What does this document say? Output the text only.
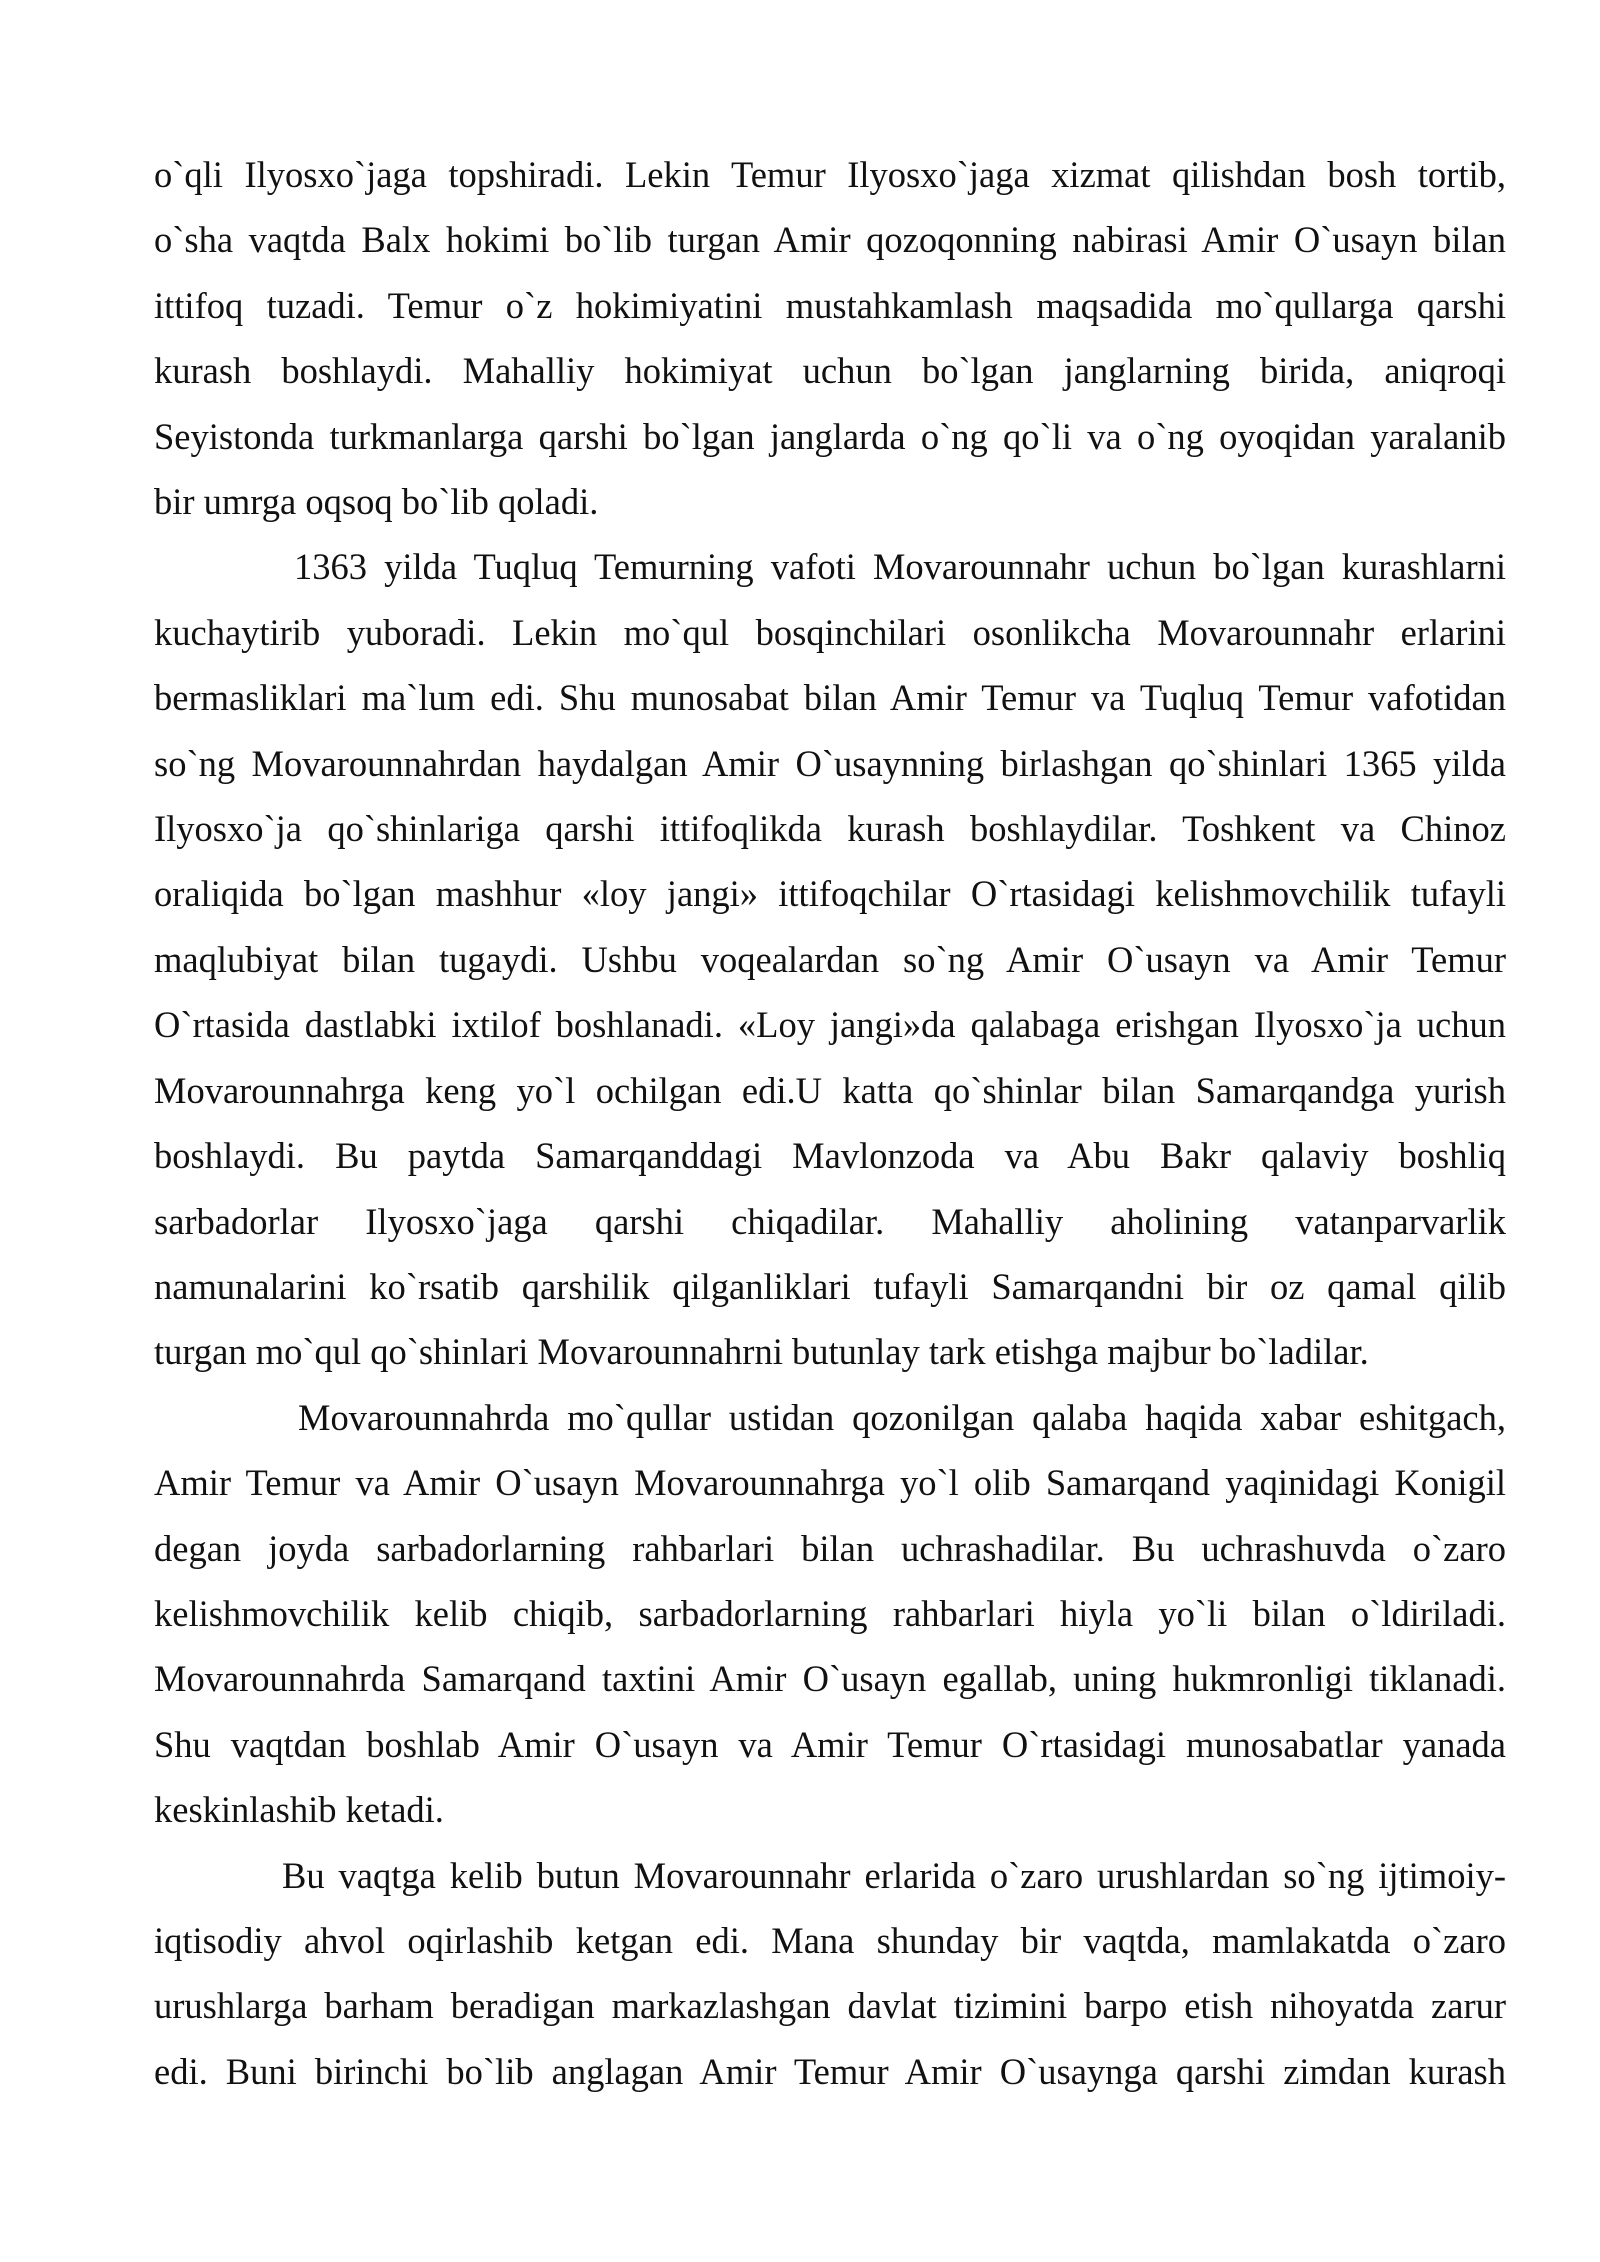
o`qli Ilyosxo`jaga topshiradi. Lekin Temur Ilyosxo`jaga xizmat qilishdan bosh tortib,
o`sha vaqtda Balx hokimi bo`lib turgan Amir qozoqonning nabirasi Amir O`usayn bilan
ittifoq tuzadi. Temur o`z hokimiyatini mustahkamlash maqsadida mo`qullarga qarshi
kurash boshlaydi. Mahalliy hokimiyat uchun bo`lgan janglarning birida, aniqroqi
Seyistonda turkmanlarga qarshi bo`lgan janglarda o`ng qo`li va o`ng oyoqidan yaralanib
bir umrga oqsoq bo`lib qoladi.
1363 yilda Tuqluq Temurning vafoti Movarounnahr uchun bo`lgan kurashlarni
kuchaytirib yuboradi. Lekin mo`qul bosqinchilari osonlikcha Movarounnahr erlarini
bermasliklari ma`lum edi. Shu munosabat bilan Amir Temur va Tuqluq Temur vafotidan
so`ng Movarounnahrdan haydalgan Amir O`usaynning birlashgan qo`shinlari 1365 yilda
Ilyosxo`ja qo`shinlariga qarshi ittifoqlikda kurash boshlaydilar. Toshkent va Chinoz
oraliqida bo`lgan mashhur «loy jangi» ittifoqchilar O`rtasidagi kelishmovchilik tufayli
maqlubiyat bilan tugaydi. Ushbu voqealardan so`ng Amir O`usayn va Amir Temur
O`rtasida dastlabki ixtilof boshlanadi. «Loy jangi»da qalabaga erishgan Ilyosxo`ja uchun
Movarounnahrga keng yo`l ochilgan edi.U katta qo`shinlar bilan Samarqandga yurish
boshlaydi. Bu paytda Samarqanddagi Mavlonzoda va Abu Bakr qalaviy boshliq
sarbadorlar Ilyosxo`jaga qarshi chiqadilar. Mahalliy aholining vatanparvarlik
namunalarini ko`rsatib qarshilik qilganliklari tufayli Samarqandni bir oz qamal qilib
turgan mo`qul qo`shinlari Movarounnahrni butunlay tark etishga majbur bo`ladilar.
Movarounnahrda mo`qullar ustidan qozonilgan qalaba haqida xabar eshitgach,
Amir Temur va Amir O`usayn Movarounnahrga yo`l olib Samarqand yaqinidagi Konigil
degan joyda sarbadorlarning rahbarlari bilan uchrashadilar. Bu uchrashuvda o`zaro
kelishmovchilik kelib chiqib, sarbadorlarning rahbarlari hiyla yo`li bilan o`ldiriladi.
Movarounnahrda Samarqand taxtini Amir O`usayn egallab, uning hukmronligi tiklanadi.
Shu vaqtdan boshlab Amir O`usayn va Amir Temur O`rtasidagi munosabatlar yanada
keskinlashib ketadi.
Bu vaqtga kelib butun Movarounnahr erlarida o`zaro urushlardan so`ng ijtimoiy-
iqtisodiy ahvol oqirlashib ketgan edi. Mana shunday bir vaqtda, mamlakatda o`zaro
urushlarga barham beradigan markazlashgan davlat tizimini barpo etish nihoyatda zarur
edi. Buni birinchi bo`lib anglagan Amir Temur Amir O`usaynga qarshi zimdan kurash
